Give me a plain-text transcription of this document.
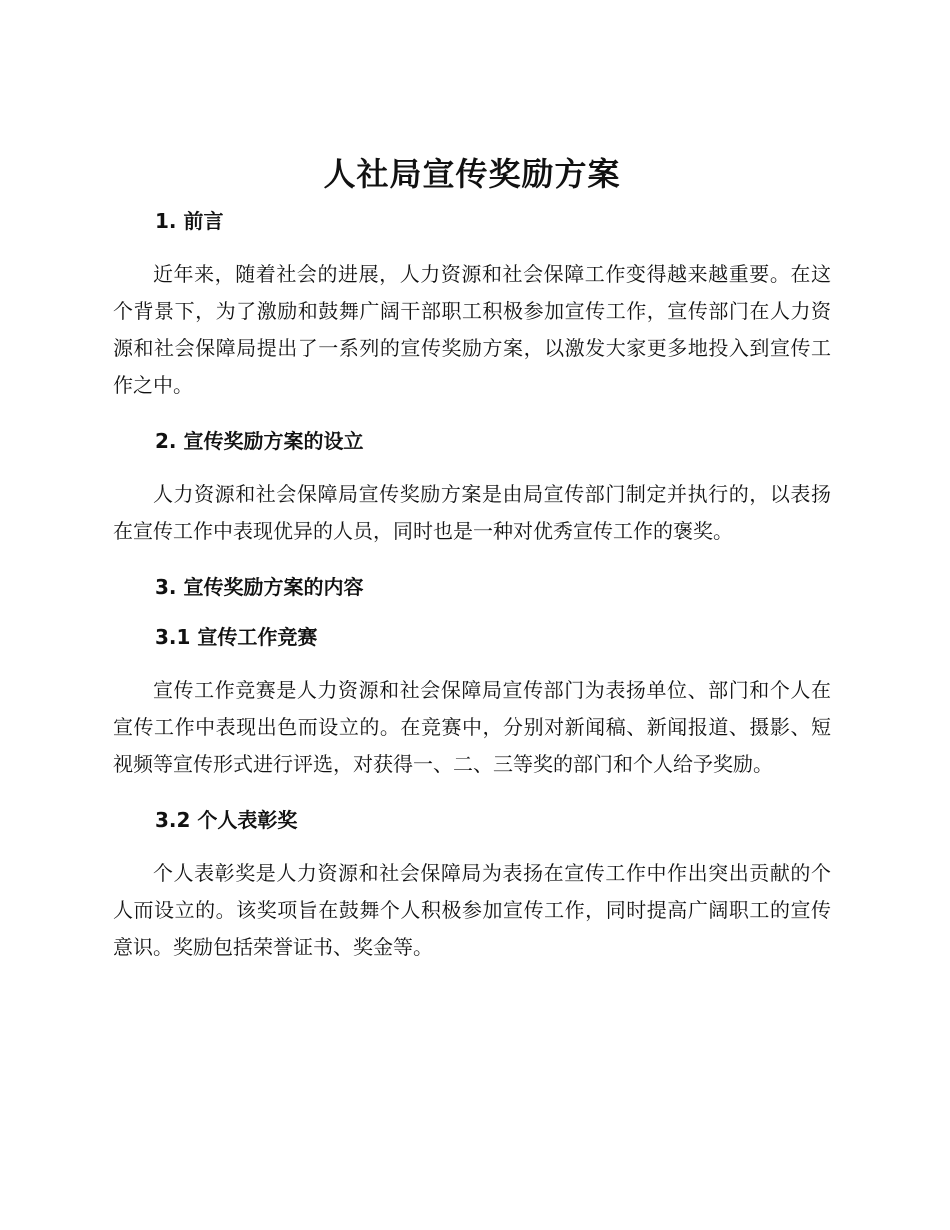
人社局宣传奖励方案
1. 前言

近年来，随着社会的进展，人力资源和社会保障工作变得越来越重要。在这个背景下，为了激励和鼓舞广阔干部职工积极参加宣传工作，宣传部门在人力资源和社会保障局提出了一系列的宣传奖励方案，以激发大家更多地投入到宣传工作之中。

2. 宣传奖励方案的设立

人力资源和社会保障局宣传奖励方案是由局宣传部门制定并执行的，以表扬在宣传工作中表现优异的人员，同时也是一种对优秀宣传工作的褒奖。

3. 宣传奖励方案的内容
3.1 宣传工作竞赛

宣传工作竞赛是人力资源和社会保障局宣传部门为表扬单位、部门和个人在宣传工作中表现出色而设立的。在竞赛中，分别对新闻稿、新闻报道、摄影、短视频等宣传形式进行评选，对获得一、二、三等奖的部门和个人给予奖励。

3.2 个人表彰奖

个人表彰奖是人力资源和社会保障局为表扬在宣传工作中作出突出贡献的个人而设立的。该奖项旨在鼓舞个人积极参加宣传工作，同时提高广阔职工的宣传意识。奖励包括荣誉证书、奖金等。
